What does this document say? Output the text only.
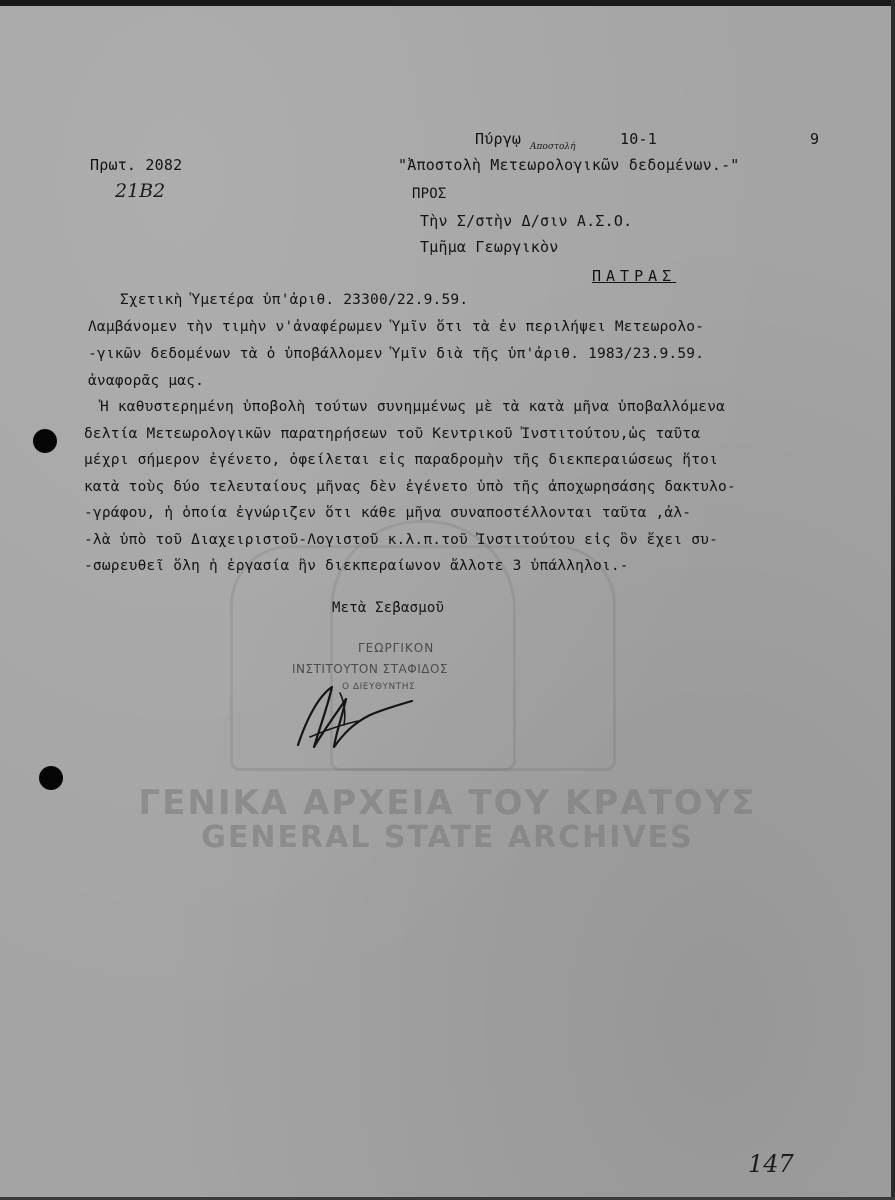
Πύργῳ	10-1	9
Αποστολή
Πρωτ. 2082
21Β2
"Ἀποστολὴ Μετεωρολογικῶν δεδομένων.-"
ΠΡΟΣ
Τὴν Σ/στὴν Δ/σιν Α.Σ.Ο.
Τμῆμα Γεωργικὸν
ΠΑΤΡΑΣ
Σχετικὴ Ὑμετέρα ὑπ'ἀριθ. 23300/22.9.59.
Λαμβάνομεν τὴν τιμὴν ν'ἀναφέρωμεν Ὑμῖν ὅτι τὰ ἐν περιλήψει Μετεωρολο-
-γικῶν δεδομένων τὰ ὁ ὑποβάλλομεν Ὑμῖν διὰ τῆς ὑπ'ἀριθ. 1983/23.9.59.
ἀναφορᾶς μας.
Ἡ καθυστερημένη ὑποβολὴ τούτων συνημμένως μὲ τὰ κατὰ μῆνα ὑποβαλλόμενα
δελτία Μετεωρολογικῶν παρατηρήσεων τοῦ Κεντρικοῦ Ἰνστιτούτου,ὡς ταῦτα
μέχρι σήμερον ἐγένετο, ὀφείλεται εἰς παραδρομὴν τῆς διεκπεραιώσεως ἥτοι
κατὰ τοὺς δύο τελευταίους μῆνας δὲν ἐγένετο ὑπὸ τῆς ἀποχωρησάσης δακτυλο-
-γράφου, ἡ ὁποία ἐγνώριζεν ὅτι κάθε μῆνα συναποστέλλονται ταῦτα ,ἀλ-
-λὰ ὑπὸ τοῦ Διαχειριστοῦ-Λογιστοῦ κ.λ.π.τοῦ Ἰνστιτούτου εἰς ὃν ἔχει συ-
-σωρευθεῖ ὅλη ἡ ἐργασία ἣν διεκπεραίωνον ἄλλοτε 3 ὑπάλληλοι.-
Μετὰ Σεβασμοῦ
ΓΕΩΡΓΙΚΟΝ
ΙΝΣΤΙΤΟΥΤΟΝ ΣΤΑΦΙΔΟΣ
Ο ΔΙΕΥΘΥΝΤΗΣ
ΓΕΝΙΚΑ ΑΡΧΕΙΑ ΤΟΥ ΚΡΑΤΟΥΣ
GENERAL STATE ARCHIVES
147
